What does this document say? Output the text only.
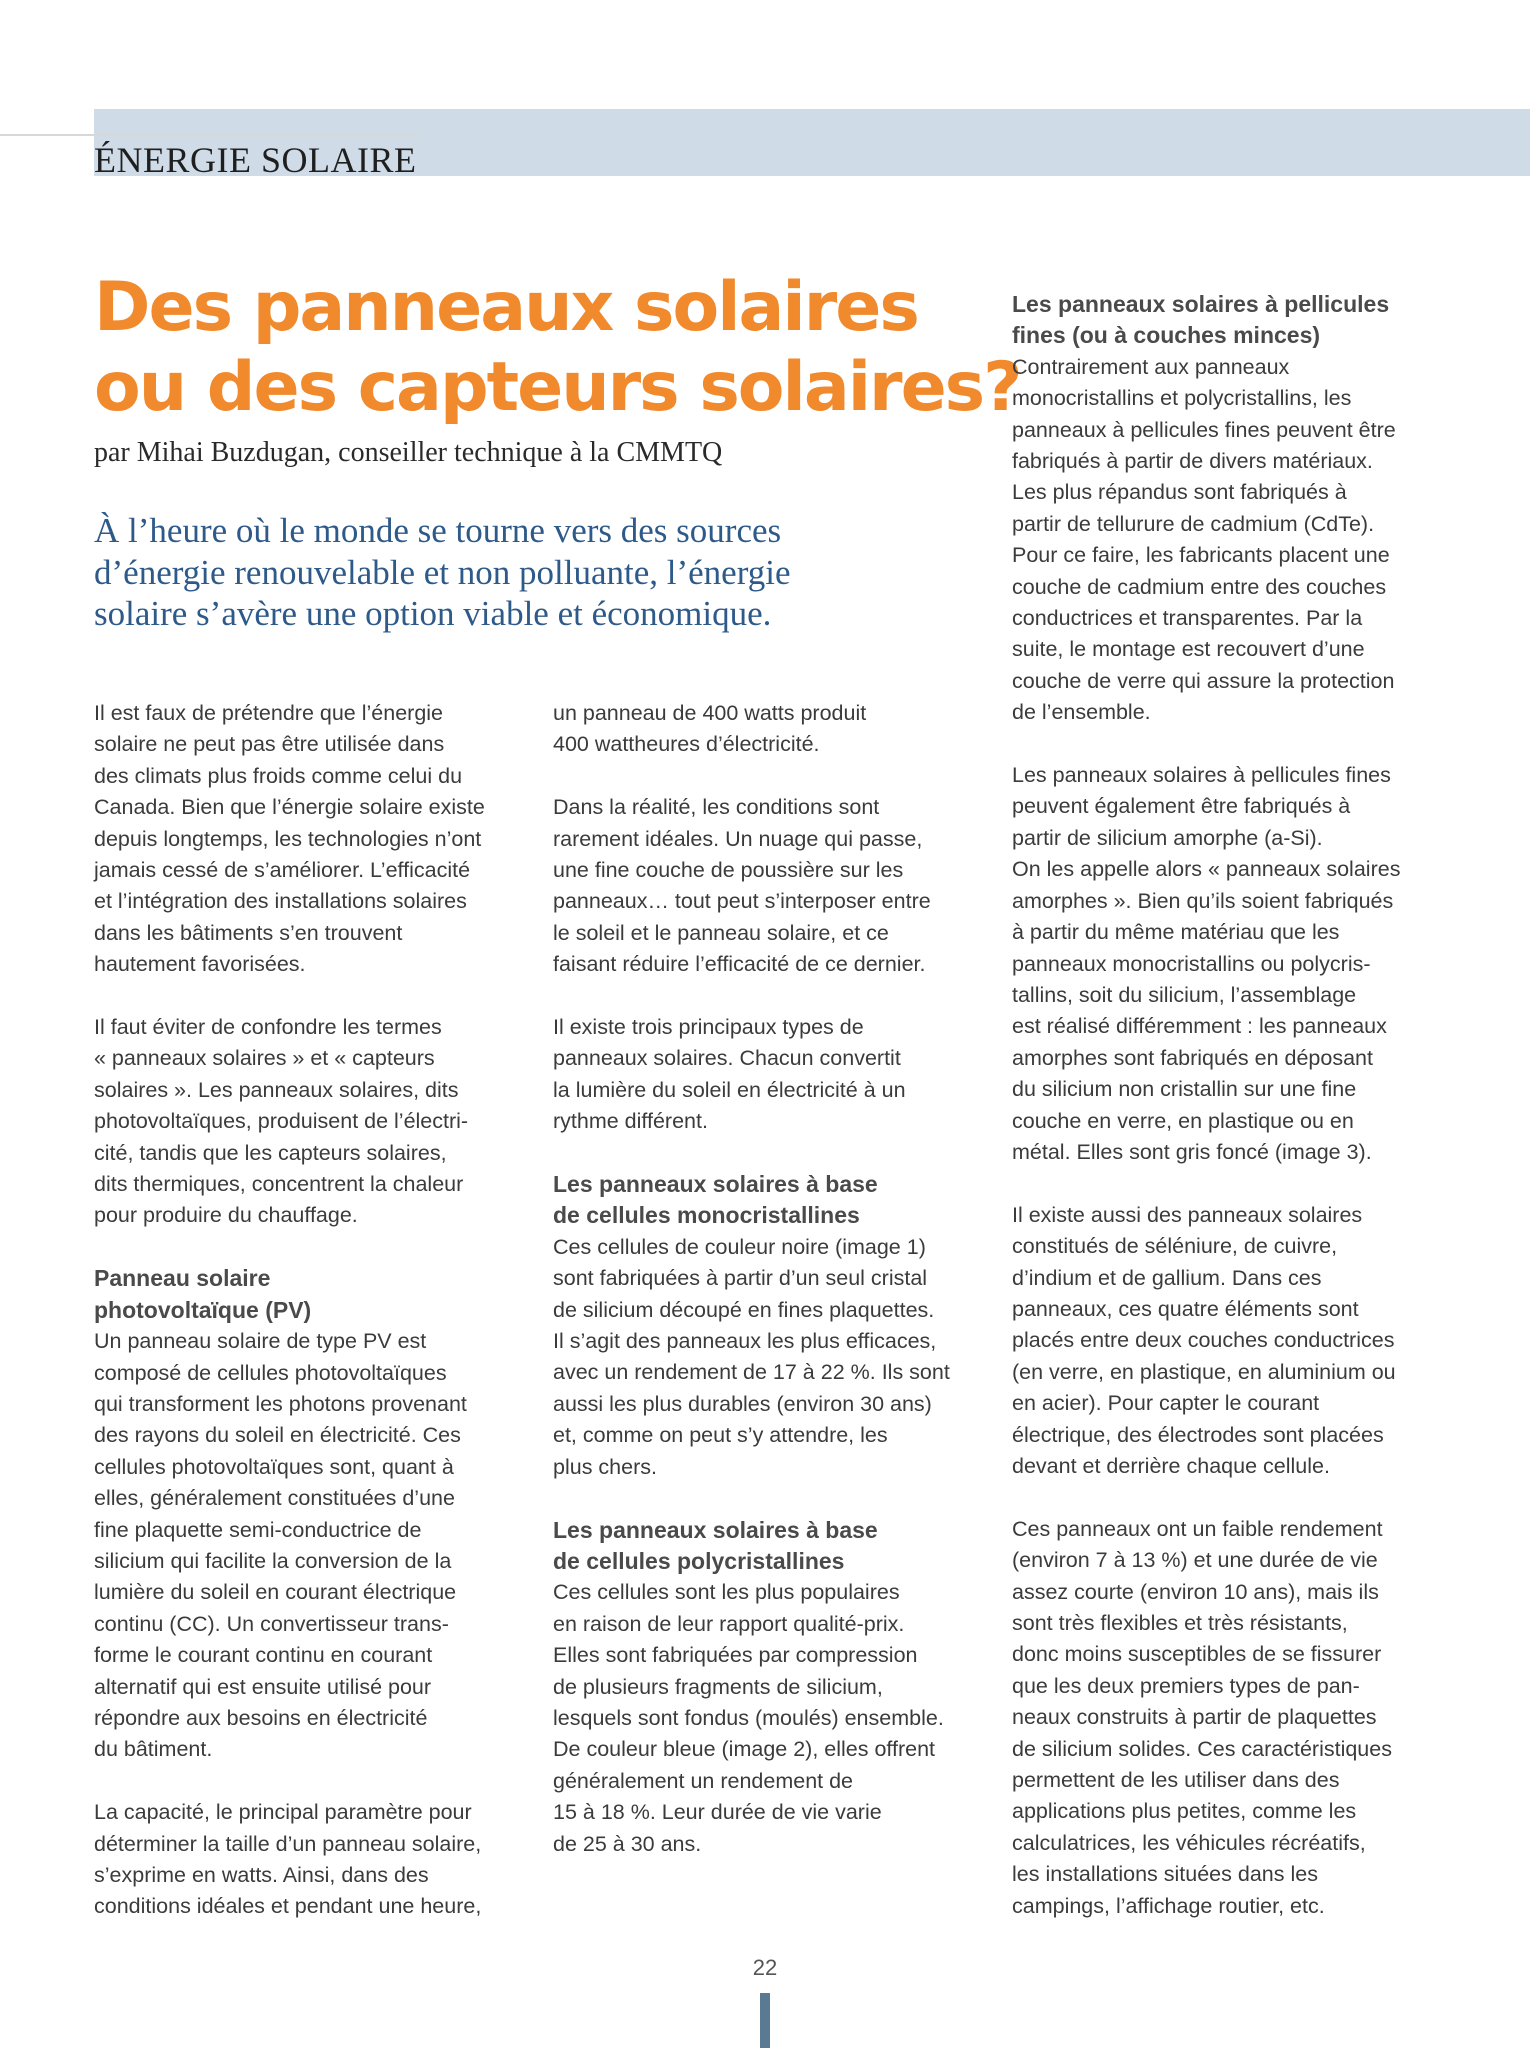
ÉNERGIE SOLAIRE
Des panneaux solaires
ou des capteurs solaires?
par Mihai Buzdugan, conseiller technique à la CMMTQ

À l’heure où le monde se tourne vers des sources
d’énergie renouvelable et non polluante, l’énergie
solaire s’avère une option viable et économique.

Il est faux de prétendre que l’énergie
solaire ne peut pas être utilisée dans
des climats plus froids comme celui du
Canada. Bien que l’énergie solaire existe
depuis longtemps, les technologies n’ont
jamais cessé de s’améliorer. L’efficacité
et l’intégration des installations solaires
dans les bâtiments s’en trouvent
hautement favorisées.

Il faut éviter de confondre les termes
« panneaux solaires » et « capteurs
solaires ». Les panneaux solaires, dits
photovoltaïques, produisent de l’électri-
cité, tandis que les capteurs solaires,
dits thermiques, concentrent la chaleur
pour produire du chauffage.

Panneau solaire
photovoltaïque (PV)

Un panneau solaire de type PV est
composé de cellules photovoltaïques
qui transforment les photons provenant
des rayons du soleil en électricité. Ces
cellules photovoltaïques sont, quant à
elles, généralement constituées d’une
fine plaquette semi-conductrice de
silicium qui facilite la conversion de la
lumière du soleil en courant électrique
continu (CC). Un convertisseur trans-
forme le courant continu en courant
alternatif qui est ensuite utilisé pour
répondre aux besoins en électricité
du bâtiment.

La capacité, le principal paramètre pour
déterminer la taille d’un panneau solaire,
s’exprime en watts. Ainsi, dans des
conditions idéales et pendant une heure,

un panneau de 400 watts produit
400 wattheures d’électricité.

Dans la réalité, les conditions sont
rarement idéales. Un nuage qui passe,
une fine couche de poussière sur les
panneaux… tout peut s’interposer entre
le soleil et le panneau solaire, et ce
faisant réduire l’efficacité de ce dernier.

Il existe trois principaux types de
panneaux solaires. Chacun convertit
la lumière du soleil en électricité à un
rythme différent.

Les panneaux solaires à base
de cellules monocristallines

Ces cellules de couleur noire (image 1)
sont fabriquées à partir d’un seul cristal
de silicium découpé en fines plaquettes.
Il s’agit des panneaux les plus efficaces,
avec un rendement de 17 à 22 %. Ils sont
aussi les plus durables (environ 30 ans)
et, comme on peut s’y attendre, les
plus chers.

Les panneaux solaires à base
de cellules polycristallines

Ces cellules sont les plus populaires
en raison de leur rapport qualité-prix.
Elles sont fabriquées par compression
de plusieurs fragments de silicium,
lesquels sont fondus (moulés) ensemble.
De couleur bleue (image 2), elles offrent
généralement un rendement de
15 à 18 %. Leur durée de vie varie
de 25 à 30 ans.

Les panneaux solaires à pellicules
fines (ou à couches minces)

Contrairement aux panneaux
monocristallins et polycristallins, les
panneaux à pellicules fines peuvent être
fabriqués à partir de divers matériaux.
Les plus répandus sont fabriqués à
partir de tellurure de cadmium (CdTe).
Pour ce faire, les fabricants placent une
couche de cadmium entre des couches
conductrices et transparentes. Par la
suite, le montage est recouvert d’une
couche de verre qui assure la protection
de l’ensemble.

Les panneaux solaires à pellicules fines
peuvent également être fabriqués à
partir de silicium amorphe (a-Si).
On les appelle alors « panneaux solaires
amorphes ». Bien qu’ils soient fabriqués
à partir du même matériau que les
panneaux monocristallins ou polycris-
tallins, soit du silicium, l’assemblage
est réalisé différemment : les panneaux
amorphes sont fabriqués en déposant
du silicium non cristallin sur une fine
couche en verre, en plastique ou en
métal. Elles sont gris foncé (image 3).

Il existe aussi des panneaux solaires
constitués de séléniure, de cuivre,
d’indium et de gallium. Dans ces
panneaux, ces quatre éléments sont
placés entre deux couches conductrices
(en verre, en plastique, en aluminium ou
en acier). Pour capter le courant
électrique, des électrodes sont placées
devant et derrière chaque cellule.

Ces panneaux ont un faible rendement
(environ 7 à 13 %) et une durée de vie
assez courte (environ 10 ans), mais ils
sont très flexibles et très résistants,
donc moins susceptibles de se fissurer
que les deux premiers types de pan-
neaux construits à partir de plaquettes
de silicium solides. Ces caractéristiques
permettent de les utiliser dans des
applications plus petites, comme les
calculatrices, les véhicules récréatifs,
les installations situées dans les
campings, l’affichage routier, etc.

22
